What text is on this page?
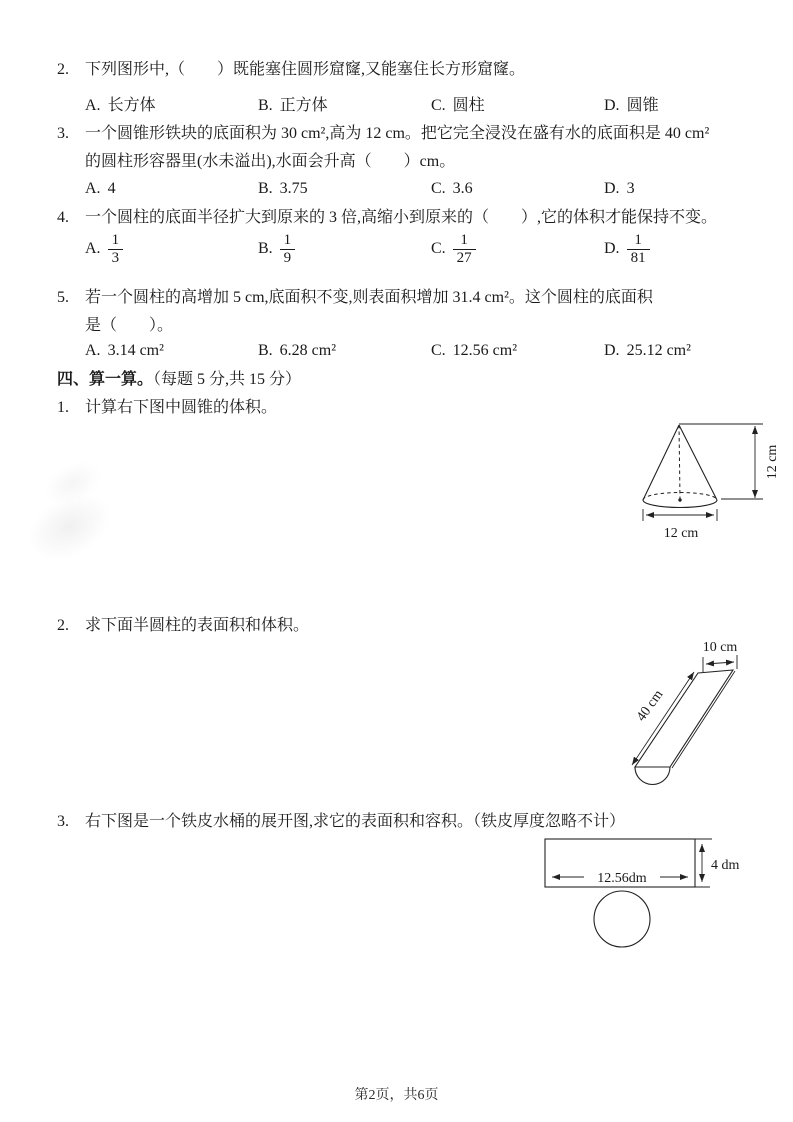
2. 下列图形中,（　　）既能塞住圆形窟窿,又能塞住长方形窟窿。
A. 长方体	B. 正方体	C. 圆柱	D. 圆锥
3. 一个圆锥形铁块的底面积为 30 cm²,高为 12 cm。把它完全浸没在盛有水的底面积是 40 cm²
的圆柱形容器里(水未溢出),水面会升高（　　）cm。
A. 4	B. 3.75	C. 3.6	D. 3
4. 一个圆柱的底面半径扩大到原来的 3 倍,高缩小到原来的（　　）,它的体积才能保持不变。
A. $\frac{1}{3}$	B. $\frac{1}{9}$	C. $\frac{1}{27}$	D. $\frac{1}{81}$
5. 若一个圆柱的高增加 5 cm,底面积不变,则表面积增加 31.4 cm²。这个圆柱的底面积
是（　　）。
A. 3.14 cm²	B. 6.28 cm²	C. 12.56 cm²	D. 25.12 cm²
四、算一算。（每题 5 分,共 15 分）
1. 计算右下图中圆锥的体积。
12 cm
12 cm
2. 求下面半圆柱的表面积和体积。
40 cm
10 cm
3. 右下图是一个铁皮水桶的展开图,求它的表面积和容积。（铁皮厚度忽略不计）
12.56dm
4 dm
第2页，共6页
